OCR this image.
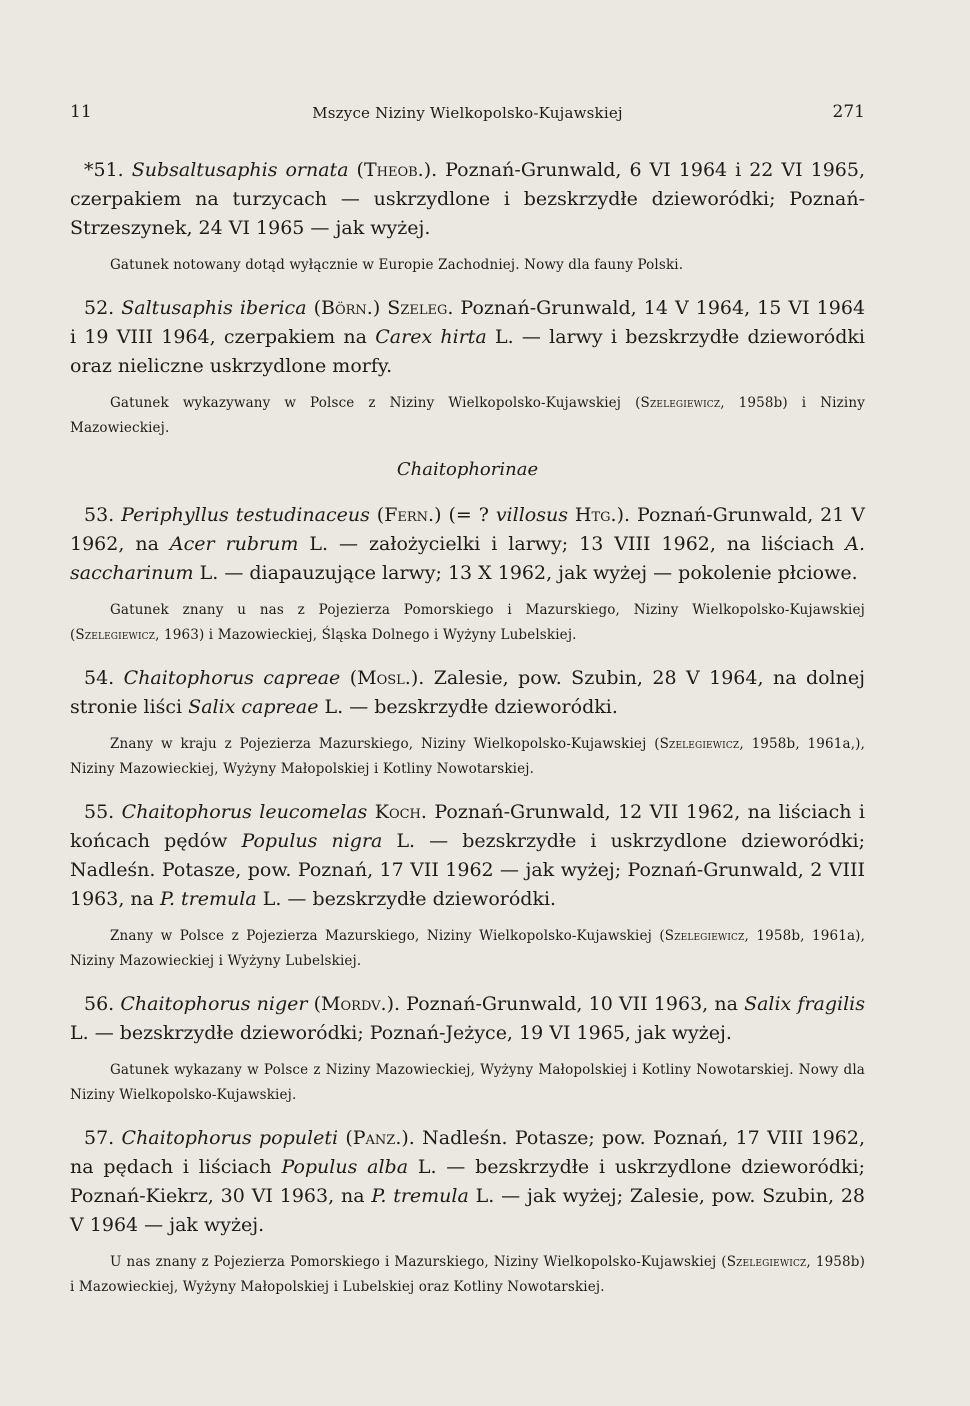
11	Mszyce Niziny Wielkopolsko-Kujawskiej	271

*51. Subsaltusaphis ornata (Theob.). Poznań-Grunwald, 6 VI 1964 i 22 VI 1965, czerpakiem na turzycach — uskrzydlone i bezskrzydłe dzieworódki; Poznań-Strzeszynek, 24 VI 1965 — jak wyżej.

Gatunek notowany dotąd wyłącznie w Europie Zachodniej. Nowy dla fauny Polski.

52. Saltusaphis iberica (Börn.) Szeleg. Poznań-Grunwald, 14 V 1964, 15 VI 1964 i 19 VIII 1964, czerpakiem na Carex hirta L. — larwy i bezskrzydłe dzieworódki oraz nieliczne uskrzydlone morfy.

Gatunek wykazywany w Polsce z Niziny Wielkopolsko-Kujawskiej (Szelegiewicz, 1958b) i Niziny Mazowieckiej.

Chaitophorinae

53. Periphyllus testudinaceus (Fern.) (= ? villosus Htg.). Poznań-Grunwald, 21 V 1962, na Acer rubrum L. — założycielki i larwy; 13 VIII 1962, na liściach A. saccharinum L. — diapauzujące larwy; 13 X 1962, jak wyżej — pokolenie płciowe.

Gatunek znany u nas z Pojezierza Pomorskiego i Mazurskiego, Niziny Wielkopolsko-Kujawskiej (Szelegiewicz, 1963) i Mazowieckiej, Śląska Dolnego i Wyżyny Lubelskiej.

54. Chaitophorus capreae (Mosl.). Zalesie, pow. Szubin, 28 V 1964, na dolnej stronie liści Salix capreae L. — bezskrzydłe dzieworódki.

Znany w kraju z Pojezierza Mazurskiego, Niziny Wielkopolsko-Kujawskiej (Szelegiewicz, 1958b, 1961a,), Niziny Mazowieckiej, Wyżyny Małopolskiej i Kotliny Nowotarskiej.

55. Chaitophorus leucomelas Koch. Poznań-Grunwald, 12 VII 1962, na liściach i końcach pędów Populus nigra L. — bezskrzydłe i uskrzydlone dzieworódki; Nadleśn. Potasze, pow. Poznań, 17 VII 1962 — jak wyżej; Poznań-Grunwald, 2 VIII 1963, na P. tremula L. — bezskrzydłe dzieworódki.

Znany w Polsce z Pojezierza Mazurskiego, Niziny Wielkopolsko-Kujawskiej (Szelegiewicz, 1958b, 1961a), Niziny Mazowieckiej i Wyżyny Lubelskiej.

56. Chaitophorus niger (Mordv.). Poznań-Grunwald, 10 VII 1963, na Salix fragilis L. — bezskrzydłe dzieworódki; Poznań-Jeżyce, 19 VI 1965, jak wyżej.

Gatunek wykazany w Polsce z Niziny Mazowieckiej, Wyżyny Małopolskiej i Kotliny Nowotarskiej. Nowy dla Niziny Wielkopolsko-Kujawskiej.

57. Chaitophorus populeti (Panz.). Nadleśn. Potasze; pow. Poznań, 17 VIII 1962, na pędach i liściach Populus alba L. — bezskrzydłe i uskrzydlone dzieworódki; Poznań-Kiekrz, 30 VI 1963, na P. tremula L. — jak wyżej; Zalesie, pow. Szubin, 28 V 1964 — jak wyżej.

U nas znany z Pojezierza Pomorskiego i Mazurskiego, Niziny Wielkopolsko-Kujawskiej (Szelegiewicz, 1958b) i Mazowieckiej, Wyżyny Małopolskiej i Lubelskiej oraz Kotliny Nowotarskiej.
